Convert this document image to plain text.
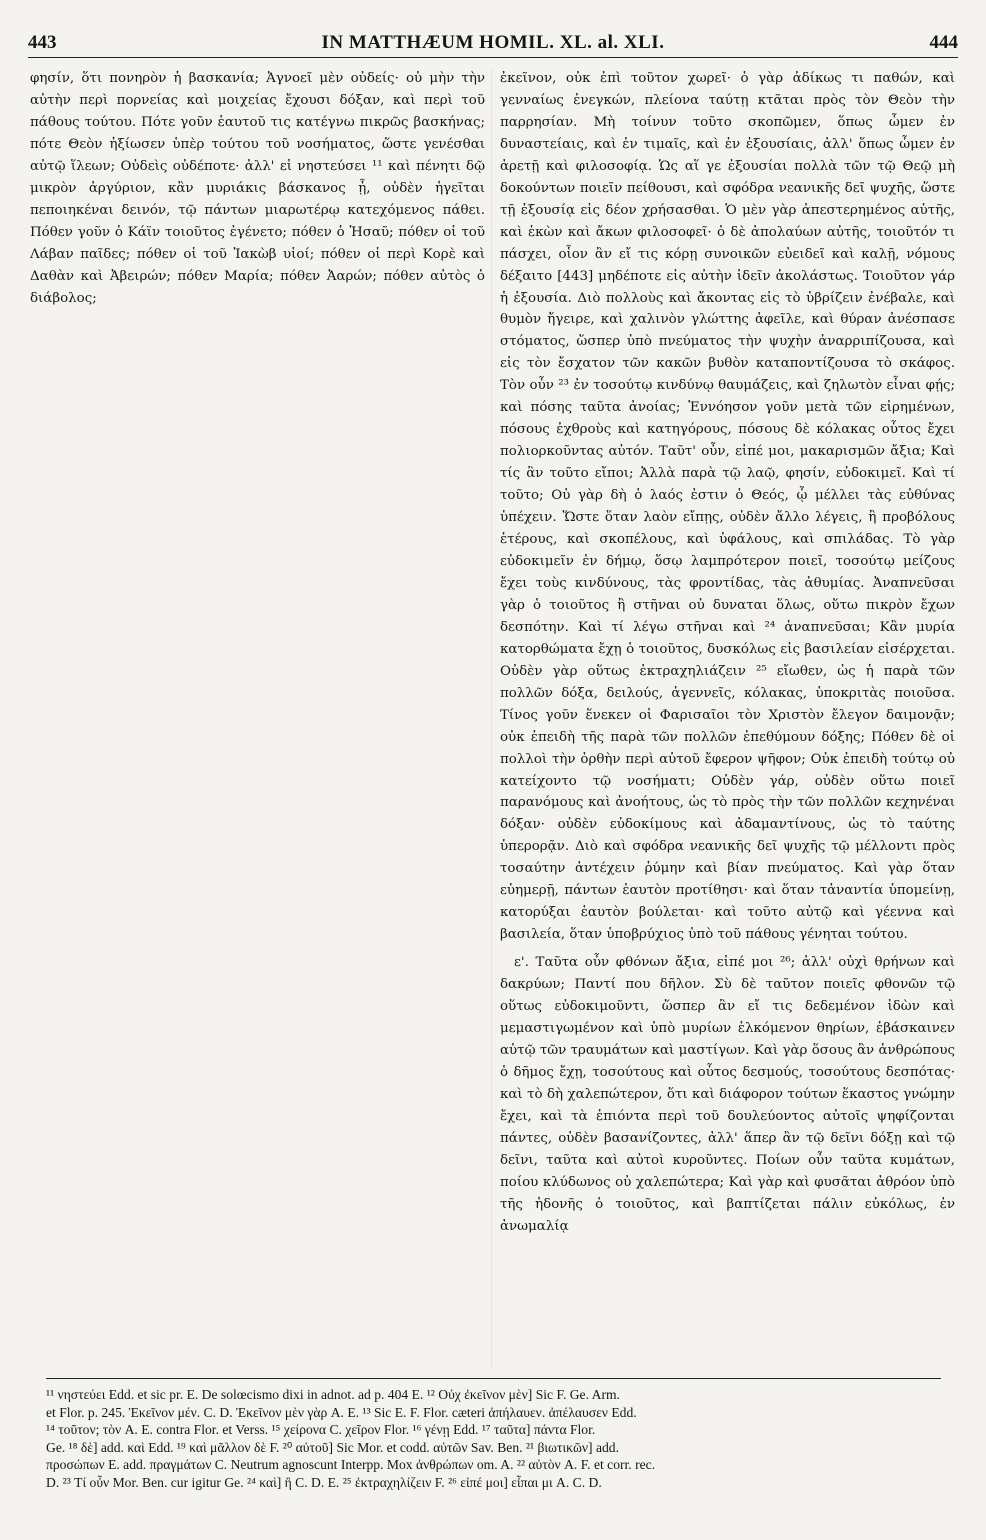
443	IN MATTHÆUM HOMIL. XL. al. XLI.	444

φησίν, ὅτι πονηρὸν ἡ βασκανία; Ἀγνοεῖ μὲν οὐδείς· οὐ μὴν τὴν αὐτὴν περὶ πορνείας καὶ μοιχείας ἔχουσι δόξαν, καὶ περὶ τοῦ πάθους τούτου. Πότε γοῦν ἑαυτοῦ τις κατέγνω πικρῶς βασκήνας; πότε Θεὸν ἠξίωσεν ὑπὲρ τούτου τοῦ νοσήματος, ὥστε γενέσθαι αὐτῷ ἵλεων; Οὐδεὶς οὐδέποτε· ἀλλ' εἰ νηστεύσει ¹¹ καὶ πένητι δῷ μικρὸν ἀργύριον, κἂν μυριάκις βάσκανος ᾖ, οὐδὲν ἡγεῖται πεποιηκέναι δεινόν, τῷ πάντων μιαρωτέρῳ κατεχόμενος πάθει. Πόθεν γοῦν ὁ Κάϊν τοιοῦτος ἐγένετο; πόθεν ὁ Ἡσαῦ; πόθεν οἱ τοῦ Λάβαν παῖδες; πόθεν οἱ τοῦ Ἰακὼβ υἱοί; πόθεν οἱ περὶ Κορὲ καὶ Δαθὰν καὶ Ἀβειρών; πόθεν Μαρία; πόθεν Ἀαρών; πόθεν αὐτὸς ὁ διάβολος;

ἐκεῖνον, οὐκ ἐπὶ τοῦτον χωρεῖ· ὁ γὰρ ἀδίκως τι παθών, καὶ γενναίως ἐνεγκών, πλείονα ταύτῃ κτᾶται πρὸς τὸν Θεὸν τὴν παρρησίαν. Μὴ τοίνυν τοῦτο σκοπῶμεν, ὅπως ὦμεν ἐν δυναστείαις, καὶ ἐν τιμαῖς, καὶ ἐν ἐξουσίαις, ἀλλ' ὅπως ὦμεν ἐν ἀρετῇ καὶ φιλοσοφίᾳ. Ὡς αἵ γε ἐξουσίαι πολλὰ τῶν τῷ Θεῷ μὴ δοκούντων ποιεῖν πείθουσι, καὶ σφόδρα νεανικῆς δεῖ ψυχῆς, ὥστε τῇ ἐξουσίᾳ εἰς δέον χρήσασθαι. Ὁ μὲν γὰρ ἀπεστερημένος αὐτῆς, καὶ ἑκὼν καὶ ἄκων φιλοσοφεῖ· ὁ δὲ ἀπολαύων αὐτῆς, τοιοῦτόν τι πάσχει, οἷον ἂν εἴ τις κόρῃ συνοικῶν εὐειδεῖ καὶ καλῇ, νόμους δέξαιτο [443] μηδέποτε εἰς αὐτὴν ἰδεῖν ἀκολάστως. Τοιοῦτον γάρ ἡ ἐξουσία. Διὸ πολλοὺς καὶ ἄκοντας εἰς τὸ ὑβρίζειν ἐνέβαλε, καὶ θυμὸν ἤγειρε, καὶ χαλινὸν γλώττης ἀφεῖλε, καὶ θύραν ἀνέσπασε στόματος, ὥσπερ ὑπὸ πνεύματος τὴν ψυχὴν ἀναρριπίζουσα, καὶ εἰς τὸν ἔσχατον τῶν κακῶν βυθὸν καταποντίζουσα τὸ σκάφος. Τὸν οὖν ²³ ἐν τοσούτῳ κινδύνῳ θαυμάζεις, καὶ ζηλωτὸν εἶναι φῄς; καὶ πόσης ταῦτα ἀνοίας; Ἐννόησον γοῦν μετὰ τῶν εἰρημένων, πόσους ἐχθροὺς καὶ κατηγόρους, πόσους δὲ κόλακας οὗτος ἔχει πολιορκοῦντας αὐτόν. Ταῦτ' οὖν, εἰπέ μοι, μακαρισμῶν ἄξια; Καὶ τίς ἂν τοῦτο εἴποι; Ἀλλὰ παρὰ τῷ λαῷ, φησίν, εὐδοκιμεῖ. Καὶ τί τοῦτο; Οὐ γὰρ δὴ ὁ λαός ἐστιν ὁ Θεός, ᾧ μέλλει τὰς εὐθύνας ὑπέχειν. Ὥστε ὅταν λαὸν εἴπῃς, οὐδὲν ἄλλο λέγεις, ἢ προβόλους ἑτέρους, καὶ σκοπέλους, καὶ ὑφάλους, καὶ σπιλάδας. Τὸ γὰρ εὐδοκιμεῖν ἐν δήμῳ, ὅσῳ λαμπρότερον ποιεῖ, τοσούτῳ μείζους ἔχει τοὺς κινδύνους, τὰς φροντίδας, τὰς ἀθυμίας. Ἀναπνεῦσαι γὰρ ὁ τοιοῦτος ἢ στῆναι οὐ δυναται ὅλως, οὕτω πικρὸν ἔχων δεσπότην. Καὶ τί λέγω στῆναι καὶ ²⁴ ἀναπνεῦσαι; Κἂν μυρία κατορθώματα ἔχῃ ὁ τοιοῦτος, δυσκόλως εἰς βασιλείαν εἰσέρχεται. Οὐδὲν γὰρ οὕτως ἐκτραχηλιάζειν ²⁵ εἴωθεν, ὡς ἡ παρὰ τῶν πολλῶν δόξα, δειλούς, ἀγεννεῖς, κόλακας, ὑποκριτὰς ποιοῦσα. Τίνος γοῦν ἕνεκεν οἱ Φαρισαῖοι τὸν Χριστὸν ἔλεγον δαιμονᾷν; οὐκ ἐπειδὴ τῆς παρὰ τῶν πολλῶν ἐπεθύμουν δόξης; Πόθεν δὲ οἱ πολλοὶ τὴν ὀρθὴν περὶ αὐτοῦ ἔφερον ψῆφον; Οὐκ ἐπειδὴ τούτῳ οὐ κατείχοντο τῷ νοσήματι; Οὐδὲν γάρ, οὐδὲν οὕτω ποιεῖ παρανόμους καὶ ἀνοήτους, ὡς τὸ πρὸς τὴν τῶν πολλῶν κεχηνέναι δόξαν· οὐδὲν εὐδοκίμους καὶ ἀδαμαντίνους, ὡς τὸ ταύτης ὑπερορᾷν. Διὸ καὶ σφόδρα νεανικῆς δεῖ ψυχῆς τῷ μέλλοντι πρὸς τοσαύτην ἀντέχειν ῥύμην καὶ βίαν πνεύματος. Καὶ γὰρ ὅταν εὐημερῇ, πάντων ἑαυτὸν προτίθησι· καὶ ὅταν τἀναντία ὑπομείνῃ, κατορύξαι ἑαυτὸν βούλεται· καὶ τοῦτο αὐτῷ καὶ γέεννα καὶ βασιλεία, ὅταν ὑποβρύχιος ὑπὸ τοῦ πάθους γένηται τούτου.

ε'. Ταῦτα οὖν φθόνων ἄξια, εἰπέ μοι ²⁶; ἀλλ' οὐχὶ θρήνων καὶ δακρύων; Παντί που δῆλον. Σὺ δὲ ταῦτον ποιεῖς φθονῶν τῷ οὕτως εὐδοκιμοῦντι, ὥσπερ ἂν εἴ τις δεδεμένον ἰδὼν καὶ μεμαστιγωμένον καὶ ὑπὸ μυρίων ἑλκόμενον θηρίων, ἐβάσκαινεν αὐτῷ τῶν τραυμάτων καὶ μαστίγων. Καὶ γὰρ ὅσους ἂν ἀνθρώπους ὁ δῆμος ἔχῃ, τοσούτους καὶ οὗτος δεσμούς, τοσούτους δεσπότας· καὶ τὸ δὴ χαλεπώτερον, ὅτι καὶ διάφορον τούτων ἕκαστος γνώμην ἔχει, καὶ τὰ ἐπιόντα περὶ τοῦ δουλεύοντος αὐτοῖς ψηφίζονται πάντες, οὐδὲν βασανίζοντες, ἀλλ' ἅπερ ἂν τῷ δεῖνι δόξῃ καὶ τῷ δεῖνι, ταῦτα καὶ αὐτοὶ κυροῦντες. Ποίων οὖν ταῦτα κυμάτων, ποίου κλύδωνος οὐ χαλεπώτερα; Καὶ γὰρ καὶ φυσᾶται ἀθρόον ὑπὸ τῆς ἡδονῆς ὁ τοιοῦτος, καὶ βαπτίζεται πάλιν εὐκόλως, ἐν ἀνωμαλίᾳ

¹¹ νηστεύει Edd. et sic pr. E. De solœcismo dixi in adnot. ad p. 404 E. ¹² Οὐχ ἐκεῖνον μὲν] Sic F. Ge. Arm.
et Flor. p. 245. Ἐκεῖνον μέν. C. D. Ἐκεῖνον μὲν γὰρ A. E. ¹³ Sic E. F. Flor. cæteri ἀπήλαυεν. ἀπέλαυσεν Edd.
¹⁴ τοῦτον; τὸν A. E. contra Flor. et Verss. ¹⁵ χείρονα C. χεῖρον Flor. ¹⁶ γένῃ Edd. ¹⁷ ταῦτα] πάντα Flor.
Ge. ¹⁸ δὲ] add. καὶ Edd. ¹⁹ καὶ μᾶλλον δὲ F. ²⁰ αὐτοῦ] Sic Mor. et codd. αὐτῶν Sav. Ben. ²¹ βιωτικῶν] add.
προσώπων E. add. πραγμάτων C. Neutrum agnoscunt Interpp. Mox ἀνθρώπων om. A. ²² αὐτὸν A. F. et corr. rec.
D. ²³ Τί οὖν Mor. Ben. cur igitur Ge. ²⁴ καὶ] ἢ C. D. E. ²⁵ ἐκτραχηλίζειν F. ²⁶ εἰπέ μοι] εἶπαι μι A. C. D.
